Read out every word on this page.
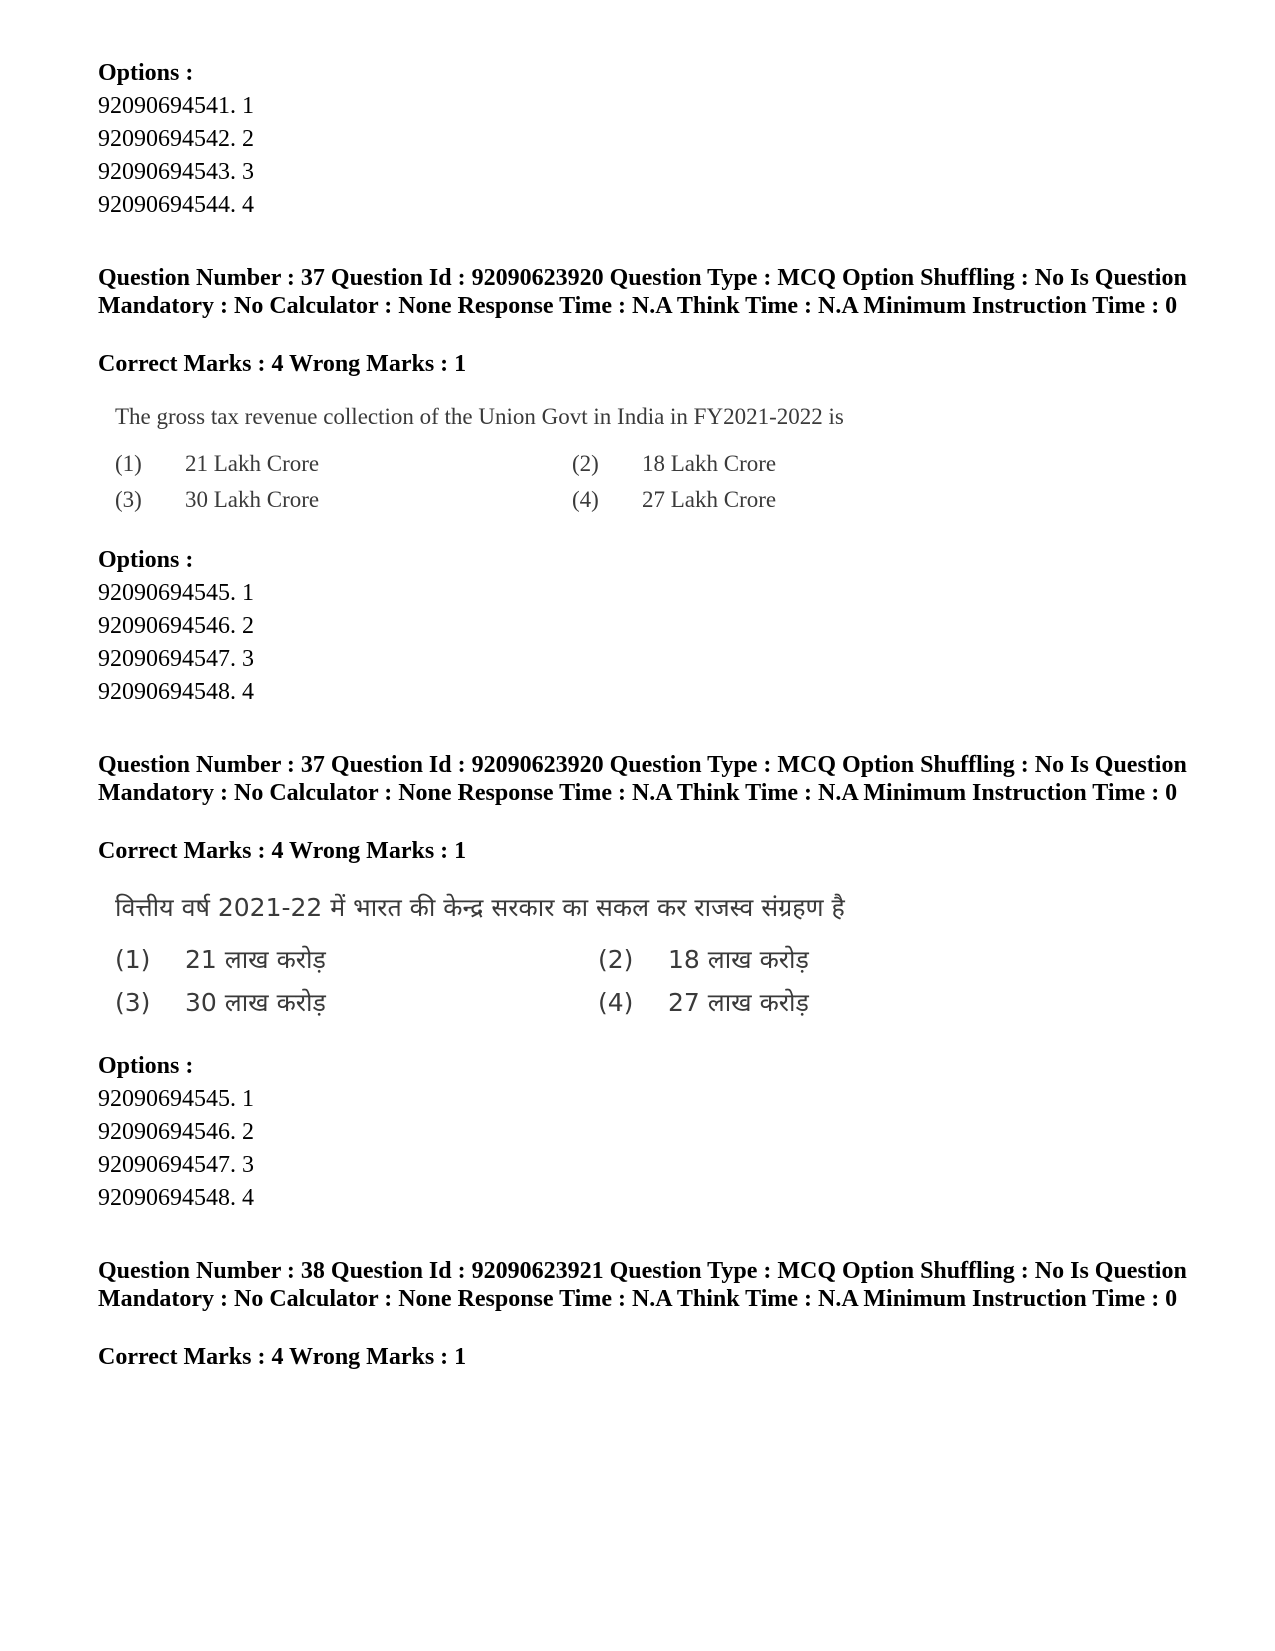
Options :
92090694541. 1
92090694542. 2
92090694543. 3
92090694544. 4
Question Number : 37 Question Id : 92090623920 Question Type : MCQ Option Shuffling : No Is Question Mandatory : No Calculator : None Response Time : N.A Think Time : N.A Minimum Instruction Time : 0
Correct Marks : 4 Wrong Marks : 1
The gross tax revenue collection of the Union Govt in India in FY2021-2022 is
(1) 21 Lakh Crore	(2) 18 Lakh Crore
(3) 30 Lakh Crore	(4) 27 Lakh Crore
Options :
92090694545. 1
92090694546. 2
92090694547. 3
92090694548. 4
Question Number : 37 Question Id : 92090623920 Question Type : MCQ Option Shuffling : No Is Question Mandatory : No Calculator : None Response Time : N.A Think Time : N.A Minimum Instruction Time : 0
Correct Marks : 4 Wrong Marks : 1
वित्तीय वर्ष 2021-22 में भारत की केन्द्र सरकार का सकल कर राजस्व संग्रहण है
(1) 21 लाख करोड़	(2) 18 लाख करोड़
(3) 30 लाख करोड़	(4) 27 लाख करोड़
Options :
92090694545. 1
92090694546. 2
92090694547. 3
92090694548. 4
Question Number : 38 Question Id : 92090623921 Question Type : MCQ Option Shuffling : No Is Question Mandatory : No Calculator : None Response Time : N.A Think Time : N.A Minimum Instruction Time : 0
Correct Marks : 4 Wrong Marks : 1
